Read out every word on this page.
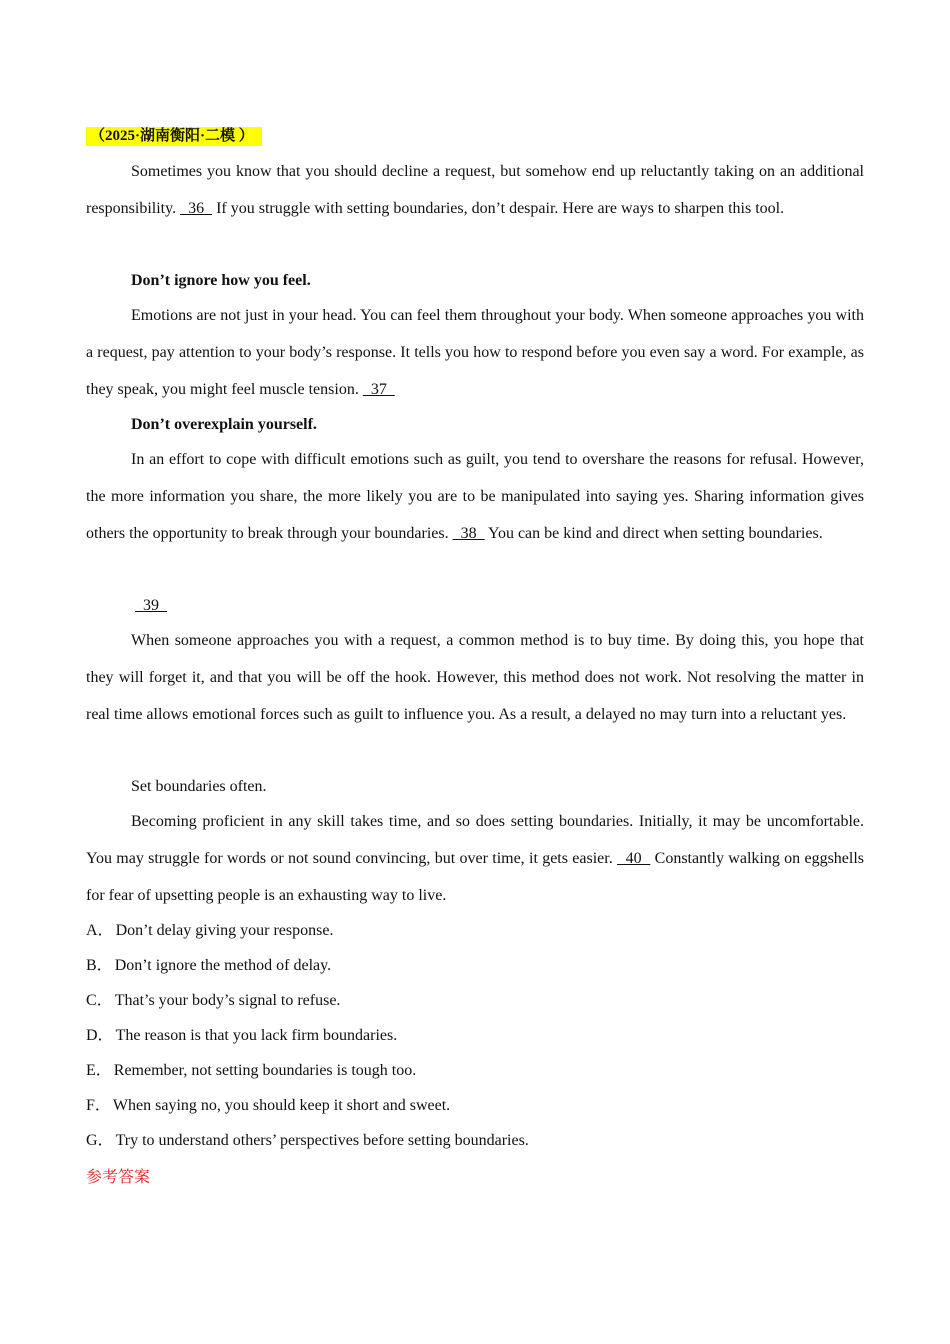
（2025·湖南衡阳·二模 ）

Sometimes you know that you should decline a request, but somehow end up reluctantly taking on an additional responsibility.   36   If you struggle with setting boundaries, don’t despair. Here are ways to sharpen this tool.

Don’t ignore how you feel.

Emotions are not just in your head. You can feel them throughout your body. When someone approaches you with a request, pay attention to your body’s response. It tells you how to respond before you even say a word. For example, as they speak, you might feel muscle tension.   37

Don’t overexplain yourself.

In an effort to cope with difficult emotions such as guilt, you tend to overshare the reasons for refusal. However, the more information you share, the more likely you are to be manipulated into saying yes. Sharing information gives others the opportunity to break through your boundaries.   38   You can be kind and direct when setting boundaries.

39

When someone approaches you with a request, a common method is to buy time. By doing this, you hope that they will forget it, and that you will be off the hook. However, this method does not work. Not resolving the matter in real time allows emotional forces such as guilt to influence you. As a result, a delayed no may turn into a reluctant yes.

Set boundaries often.

Becoming proficient in any skill takes time, and so does setting boundaries. Initially, it may be uncomfortable. You may struggle for words or not sound convincing, but over time, it gets easier.   40   Constantly walking on eggshells for fear of upsetting people is an exhausting way to live.

A． Don’t delay giving your response.
B． Don’t ignore the method of delay.
C． That’s your body’s signal to refuse.
D． The reason is that you lack firm boundaries.
E． Remember, not setting boundaries is tough too.
F． When saying no, you should keep it short and sweet.
G． Try to understand others’ perspectives before setting boundaries.
参考答案
